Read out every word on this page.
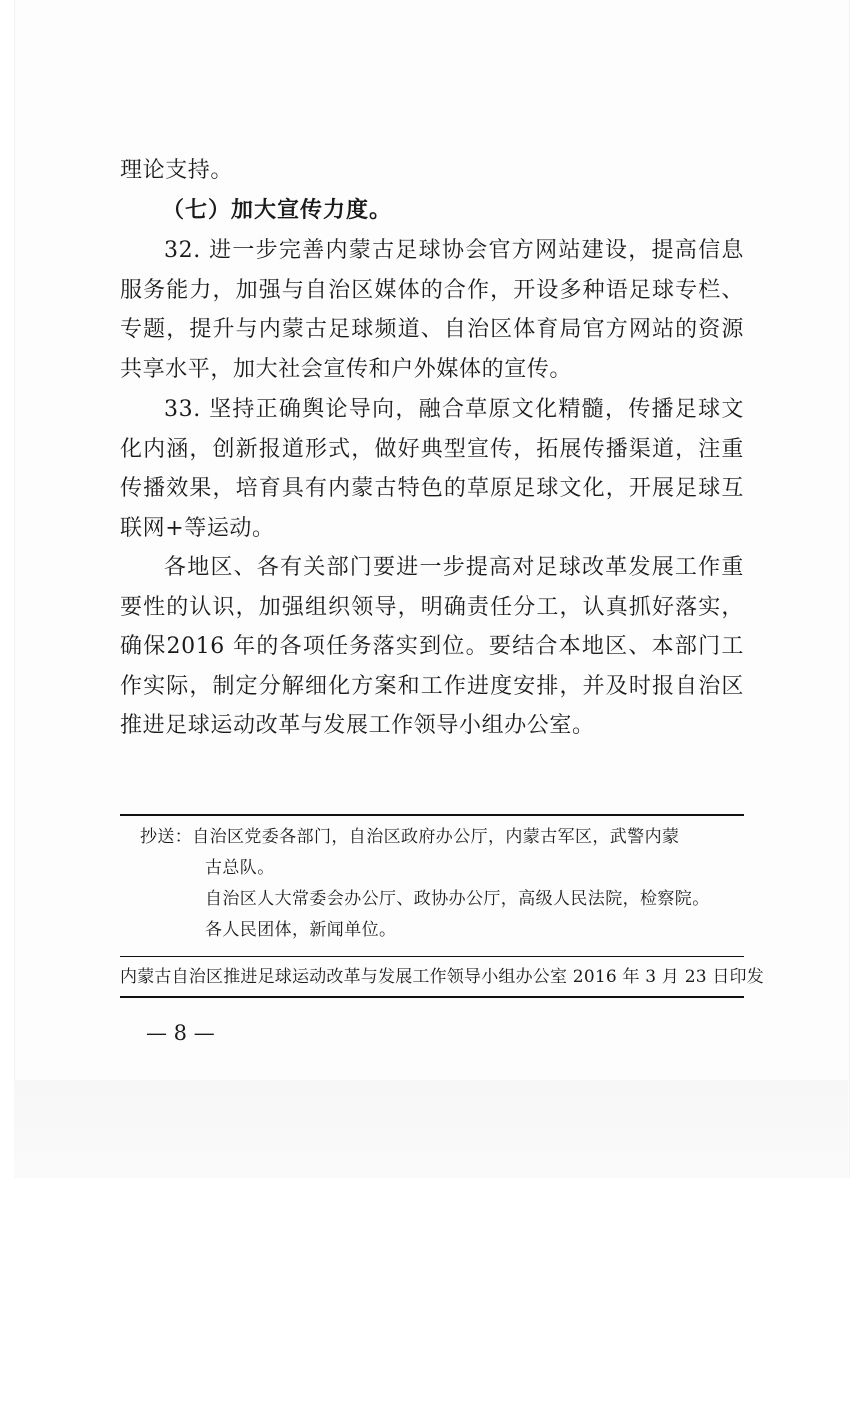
理论支持。

（七）加大宣传力度。

32. 进一步完善内蒙古足球协会官方网站建设，提高信息服务能力，加强与自治区媒体的合作，开设多种语足球专栏、专题，提升与内蒙古足球频道、自治区体育局官方网站的资源共享水平，加大社会宣传和户外媒体的宣传。

33. 坚持正确舆论导向，融合草原文化精髓，传播足球文化内涵，创新报道形式，做好典型宣传，拓展传播渠道，注重传播效果，培育具有内蒙古特色的草原足球文化，开展足球互联网+等运动。

各地区、各有关部门要进一步提高对足球改革发展工作重要性的认识，加强组织领导，明确责任分工，认真抓好落实，确保2016 年的各项任务落实到位。要结合本地区、本部门工作实际，制定分解细化方案和工作进度安排，并及时报自治区推进足球运动改革与发展工作领导小组办公室。

抄送：自治区党委各部门，自治区政府办公厅，内蒙古军区，武警内蒙
古总队。
自治区人大常委会办公厅、政协办公厅，高级人民法院，检察院。
各人民团体，新闻单位。
内蒙古自治区推进足球运动改革与发展工作领导小组办公室 2016 年 3 月 23 日印发
— 8 —
